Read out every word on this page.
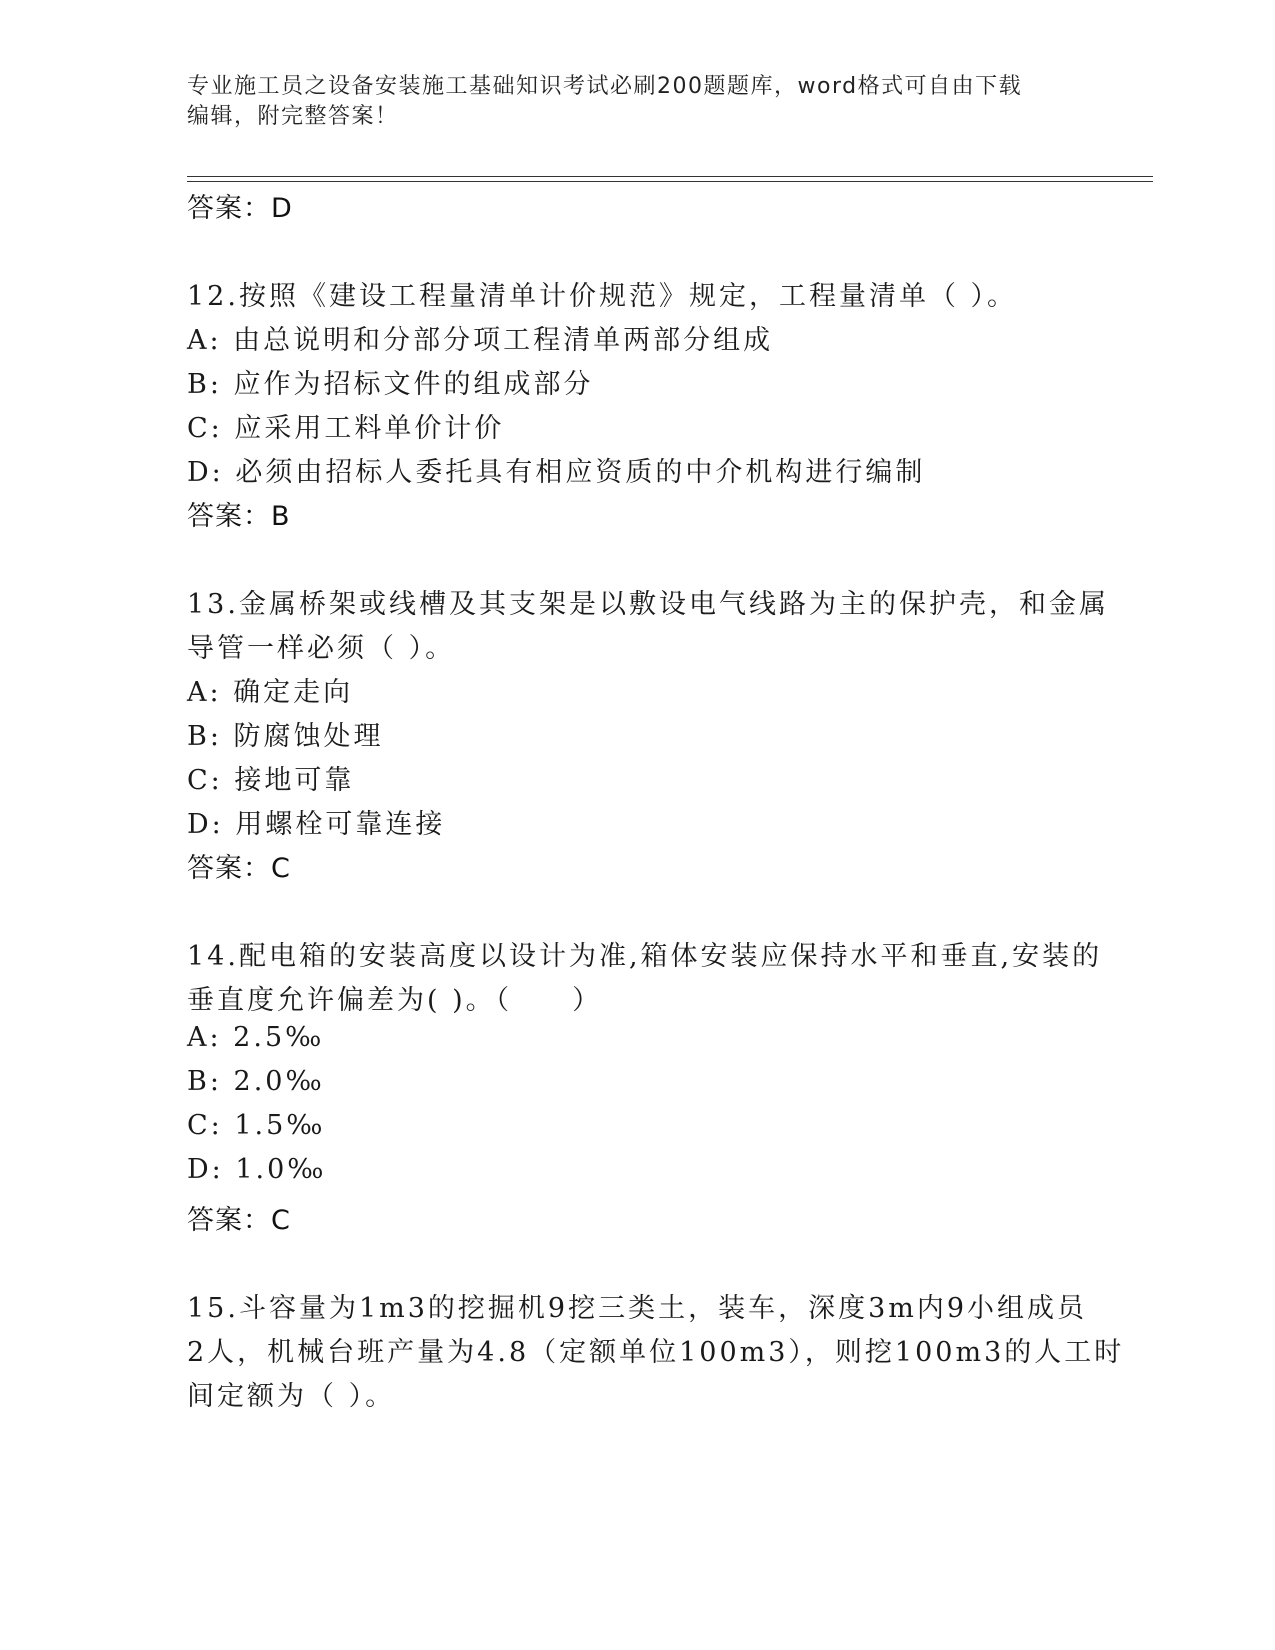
专业施工员之设备安装施工基础知识考试必刷200题题库，word格式可自由下载
编辑，附完整答案！
答案：D
12.按照《建设工程量清单计价规范》规定，工程量清单（ ）。
A: 由总说明和分部分项工程清单两部分组成
B: 应作为招标文件的组成部分
C: 应采用工料单价计价
D: 必须由招标人委托具有相应资质的中介机构进行编制
答案：B
13.金属桥架或线槽及其支架是以敷设电气线路为主的保护壳，和金属
导管一样必须（ ）。
A: 确定走向
B: 防腐蚀处理
C: 接地可靠
D: 用螺栓可靠连接
答案：C
14.配电箱的安装高度以设计为准,箱体安装应保持水平和垂直,安装的
垂直度允许偏差为( )。（　　）
A: 2.5‰
B: 2.0‰
C: 1.5‰
D: 1.0‰
答案：C
15.斗容量为1m3的挖掘机9挖三类土，装车，深度3m内9小组成员
2人，机械台班产量为4.8（定额单位100m3），则挖100m3的人工时
间定额为（ ）。
